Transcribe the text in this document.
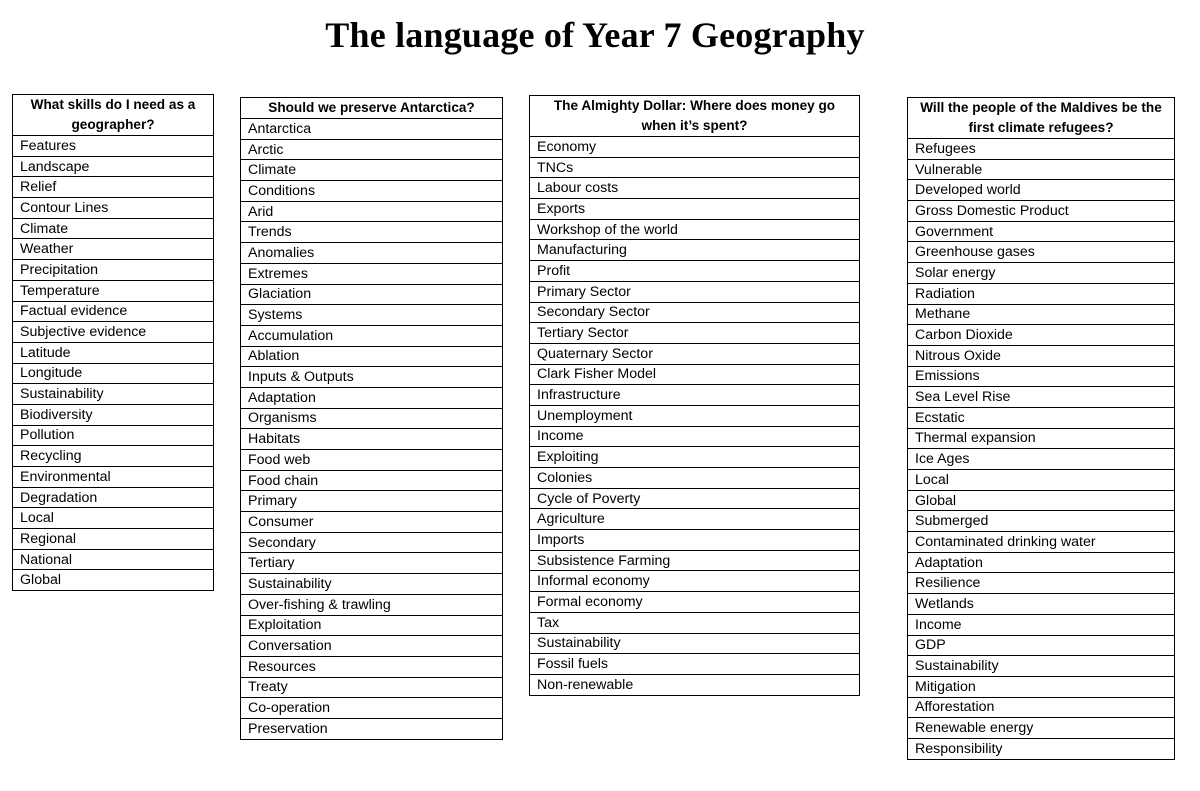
The language of Year 7 Geography
What skills do I need as a geographer?
Features
Landscape
Relief
Contour Lines
Climate
Weather
Precipitation
Temperature
Factual evidence
Subjective evidence
Latitude
Longitude
Sustainability
Biodiversity
Pollution
Recycling
Environmental
Degradation
Local
Regional
National
Global
Should we preserve Antarctica?
Antarctica
Arctic
Climate
Conditions
Arid
Trends
Anomalies
Extremes
Glaciation
Systems
Accumulation
Ablation
Inputs & Outputs
Adaptation
Organisms
Habitats
Food web
Food chain
Primary
Consumer
Secondary
Tertiary
Sustainability
Over-fishing & trawling
Exploitation
Conversation
Resources
Treaty
Co-operation
Preservation
The Almighty Dollar: Where does money go when it’s spent?
Economy
TNCs
Labour costs
Exports
Workshop of the world
Manufacturing
Profit
Primary Sector
Secondary Sector
Tertiary Sector
Quaternary Sector
Clark Fisher Model
Infrastructure
Unemployment
Income
Exploiting
Colonies
Cycle of Poverty
Agriculture
Imports
Subsistence Farming
Informal economy
Formal economy
Tax
Sustainability
Fossil fuels
Non-renewable
Will the people of the Maldives be the first climate refugees?
Refugees
Vulnerable
Developed world
Gross Domestic Product
Government
Greenhouse gases
Solar energy
Radiation
Methane
Carbon Dioxide
Nitrous Oxide
Emissions
Sea Level Rise
Ecstatic
Thermal expansion
Ice Ages
Local
Global
Submerged
Contaminated drinking water
Adaptation
Resilience
Wetlands
Income
GDP
Sustainability
Mitigation
Afforestation
Renewable energy
Responsibility
